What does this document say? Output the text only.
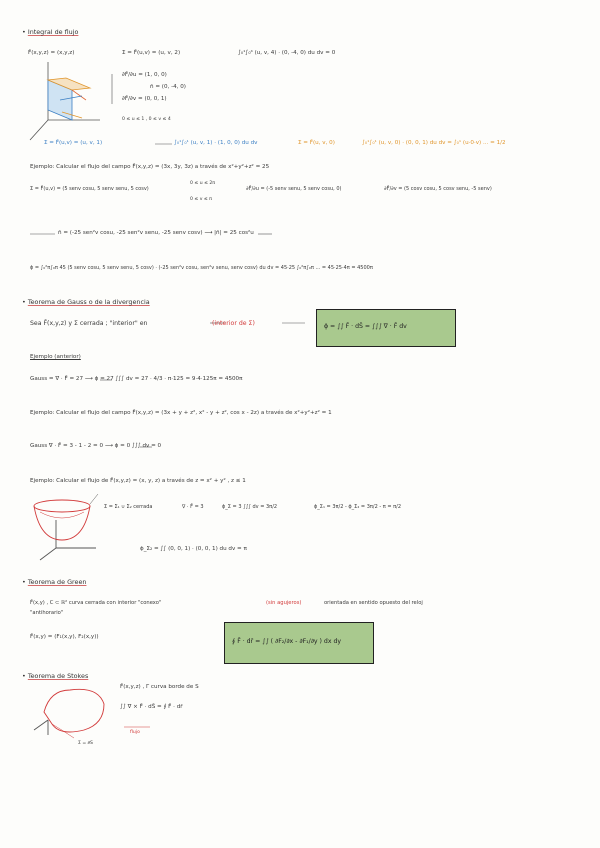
• Integral de flujo
F̄(x,y,z) = (x,y,z)	Σ = F̄(u,v) = (u, v, 2)	∫₀¹∫₀⁴ (u, v, 4) · (0, -4, 0) du dv = 0
∂F̄/∂u = (1, 0, 0)
n̄ = (0, -4, 0)
∂F̄/∂v = (0, 0, 1)
0 ≤ u ≤ 1 , 0 ≤ v ≤ 4
Σ = F̄(u,v) = (u, v, 1)	∫₀¹∫₀¹ (u, v, 1) · (1, 0, 0) du dv	Σ = F̄(u, v, 0)	∫₀¹∫₀¹ (u, v, 0) · (0, 0, 1) du dv = ∫₀¹ (u·0·v) ... = 1/2
Ejemplo: Calcular el flujo del campo F̄(x,y,z) = (3x, 3y, 3z) a través de x²+y²+z² = 25
Σ = F̄(u,v) = (5 senv cosu, 5 senv senu, 5 cosv)
0 ≤ u ≤ 2π
0 ≤ v ≤ π
∂F̄/∂u = (-5 senv senu, 5 senv cosu, 0)	∂F̄/∂v = (5 cosv cosu, 5 cosv senu, -5 senv)
n̄ = (-25 sen²v cosu, -25 sen²v senu, -25 senv cosv) ⟶ |n̄| = 25 cos²u
ϕ = ∫₀²π∫₀π 45 (5 senv cosu, 5 senv senu, 5 cosv) · (-25 sen²v cosu, sen²v senu, senv cosv) du dv = 45·25 ∫₀²π∫₀π ... = 45·25·4π = 4500π
• Teorema de Gauss o de la divergencia
Sea F̄(x,y,z) y Σ cerrada ; "interior" en	(interior de Σ)	ϕ = ∫∫ F̄ · dS̄ = ∫∫∫ ∇ · F̄ dv
Ejemplo (anterior)
Gauss = ∇ · F̄ = 27 ⟶ ϕ = 27 ∫∫∫ dv = 27 · 4/3 · π·125 = 9·4·125π = 4500π
Ejemplo: Calcular el flujo del campo F̄(x,y,z) = (3x + y + z², x² - y + z², cos x - 2z) a través de x²+y²+z² = 1
Gauss ∇ · F̄ = 3 - 1 - 2 = 0 ⟶ ϕ = 0 ∫∫∫ dv = 0
Ejemplo: Calcular el flujo de F̄(x,y,z) = (x, y, z) a través de z = x² + y² , z ≤ 1
Σ = Σ₁ ∪ Σ₂ cerrada	∇ · F̄ = 3	ϕ_Σ = 3 ∫∫∫ dv = 3π/2	ϕ_Σ₁ = 3π/2 - ϕ_Σ₂ = 3π/2 - π = π/2
ϕ_Σ₂ = ∫∫ (0, 0, 1) · (0, 0, 1) du dv = π
• Teorema de Green
F̄(x,y) , C ⊂ ℝ² curva cerrada con interior "conexo"	(sin agujeros)	orientada en sentido opuesto del reloj
"antihorario"
F̄(x,y) = (F₁(x,y), F₂(x,y))
∮ F̄ · dr̄ = ∫∫ ( ∂F₂/∂x - ∂F₁/∂y ) dx dy
• Teorema de Stokes
F̄(x,y,z) , Γ curva borde de S
∫∫ ∇ × F̄ · dS̄ = ∮ F̄ · dr̄
flujo
Σ = ∂S
